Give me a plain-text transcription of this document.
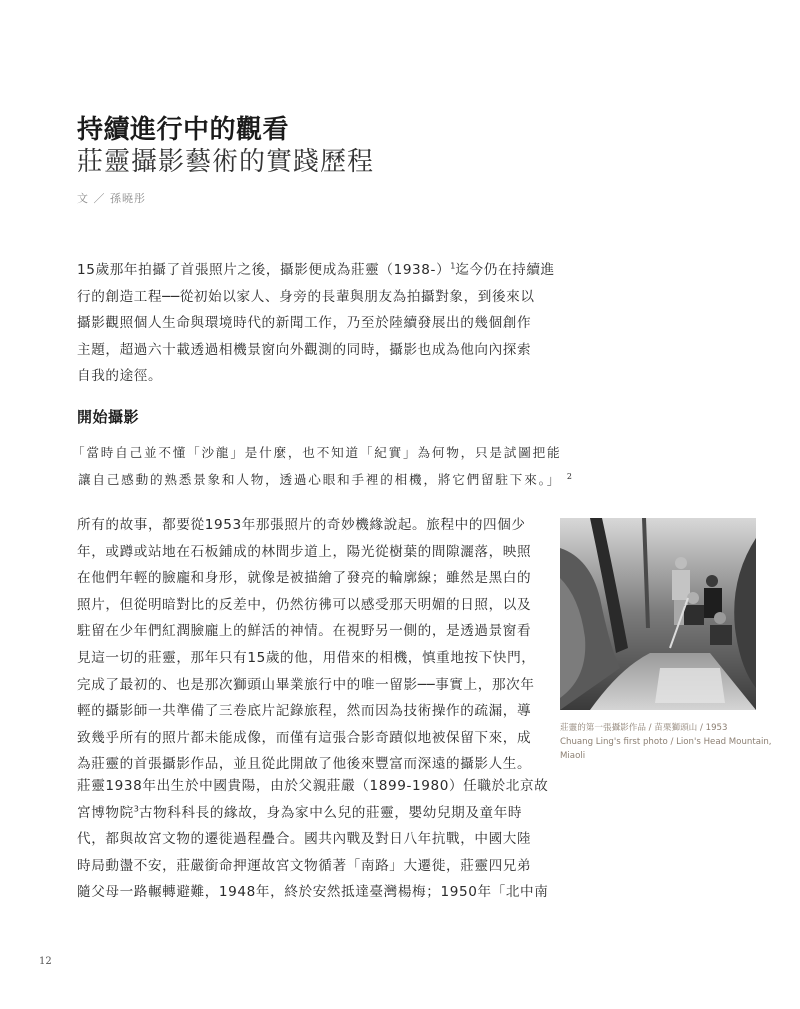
持續進行中的觀看
莊靈攝影藝術的實踐歷程
文 ／ 孫曉彤

15歲那年拍攝了首張照片之後，攝影便成為莊靈（1938-）$^1$迄今仍在持續進
行的創造工程──從初始以家人、身旁的長輩與朋友為拍攝對象，到後來以
攝影觀照個人生命與環境時代的新聞工作，乃至於陸續發展出的幾個創作
主題，超過六十載透過相機景窗向外觀測的同時，攝影也成為他向內探索
自我的途徑。

開始攝影
「當時自己並不懂「沙龍」是什麼，也不知道「紀實」為何物，只是試圖把能
讓自己感動的熟悉景象和人物，透過心眼和手裡的相機，將它們留駐下來。」 $^2$

所有的故事，都要從1953年那張照片的奇妙機緣說起。旅程中的四個少
年，或蹲或站地在石板鋪成的林間步道上，陽光從樹葉的間隙灑落，映照
在他們年輕的臉龐和身形，就像是被描繪了發亮的輪廓線；雖然是黑白的
照片，但從明暗對比的反差中，仍然彷彿可以感受那天明媚的日照，以及
駐留在少年們紅潤臉龐上的鮮活的神情。在視野另一側的，是透過景窗看
見這一切的莊靈，那年只有15歲的他，用借來的相機，慎重地按下快門，
完成了最初的、也是那次獅頭山畢業旅行中的唯一留影──事實上，那次年
輕的攝影師一共準備了三卷底片記錄旅程，然而因為技術操作的疏漏，導
致幾乎所有的照片都未能成像，而僅有這張合影奇蹟似地被保留下來，成
為莊靈的首張攝影作品，並且從此開啟了他後來豐富而深遠的攝影人生。

莊靈的第一張攝影作品 / 苗栗獅頭山 / 1953
Chuang Ling's first photo / Lion's Head Mountain,
Miaoli

莊靈1938年出生於中國貴陽，由於父親莊嚴（1899-1980）任職於北京故
宮博物院$^3$古物科科長的緣故，身為家中么兒的莊靈，嬰幼兒期及童年時
代，都與故宮文物的遷徙過程疊合。國共內戰及對日八年抗戰，中國大陸
時局動盪不安，莊嚴銜命押運故宮文物循著「南路」大遷徙，莊靈四兄弟
隨父母一路輾轉避難，1948年，終於安然抵達臺灣楊梅；1950年「北中南

12
